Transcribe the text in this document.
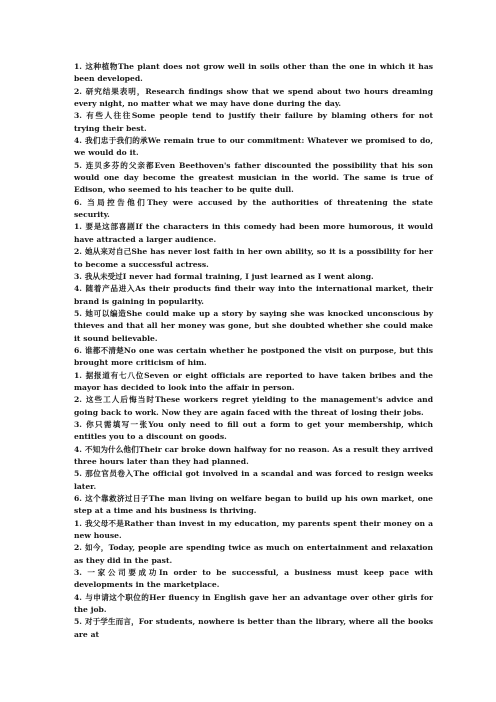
1. 这种植物The plant does not grow well in soils other than the one in which it has been developed.

2. 研究结果表明，Research findings show that we spend about two hours dreaming every night, no matter what we may have done during the day.

3. 有些人往往Some people tend to justify their failure by blaming others for not trying their best.

4. 我们忠于我们的承We remain true to our commitment: Whatever we promised to do, we would do it.

5. 连贝多芬的父亲都Even Beethoven's father discounted the possibility that his son would one day become the greatest musician in the world. The same is true of Edison, who seemed to his teacher to be quite dull.

6. 当局控告他们They were accused by the authorities of threatening the state security.

1. 要是这部喜剧If the characters in this comedy had been more humorous, it would have attracted a larger audience.

2. 她从来对自己She has never lost faith in her own ability, so it is a possibility for her to become a successful actress.

3. 我从未受过I never had formal training, I just learned as I went along.

4. 随着产品进入As their products find their way into the international market, their brand is gaining in popularity.

5. 她可以编造She could make up a story by saying she was knocked unconscious by thieves and that all her money was gone, but she doubted whether she could make it sound believable.

6. 谁都不清楚No one was certain whether he postponed the visit on purpose, but this brought more criticism of him.

1. 据报道有七八位Seven or eight officials are reported to have taken bribes and the mayor has decided to look into the affair in person.

2. 这些工人后悔当时These workers regret yielding to the management's advice and going back to work. Now they are again faced with the threat of losing their jobs.

3. 你只需填写一张You only need to fill out a form to get your membership, which entitles you to a discount on goods.

4. 不知为什么他们Their car broke down halfway for no reason. As a result they arrived three hours later than they had planned.

5. 那位官员卷入The official got involved in a scandal and was forced to resign weeks later.

6. 这个靠救济过日子The man living on welfare began to build up his own market, one step at a time and his business is thriving.

1. 我父母不是Rather than invest in my education, my parents spent their money on a new house.

2. 如今，Today, people are spending twice as much on entertainment and relaxation as they did in the past.

3. 一家公司要成功In order to be successful, a business must keep pace with developments in the marketplace.

4. 与申请这个职位的Her fluency in English gave her an advantage over other girls for the job.

5. 对于学生而言，For students, nowhere is better than the library, where all the books are at
